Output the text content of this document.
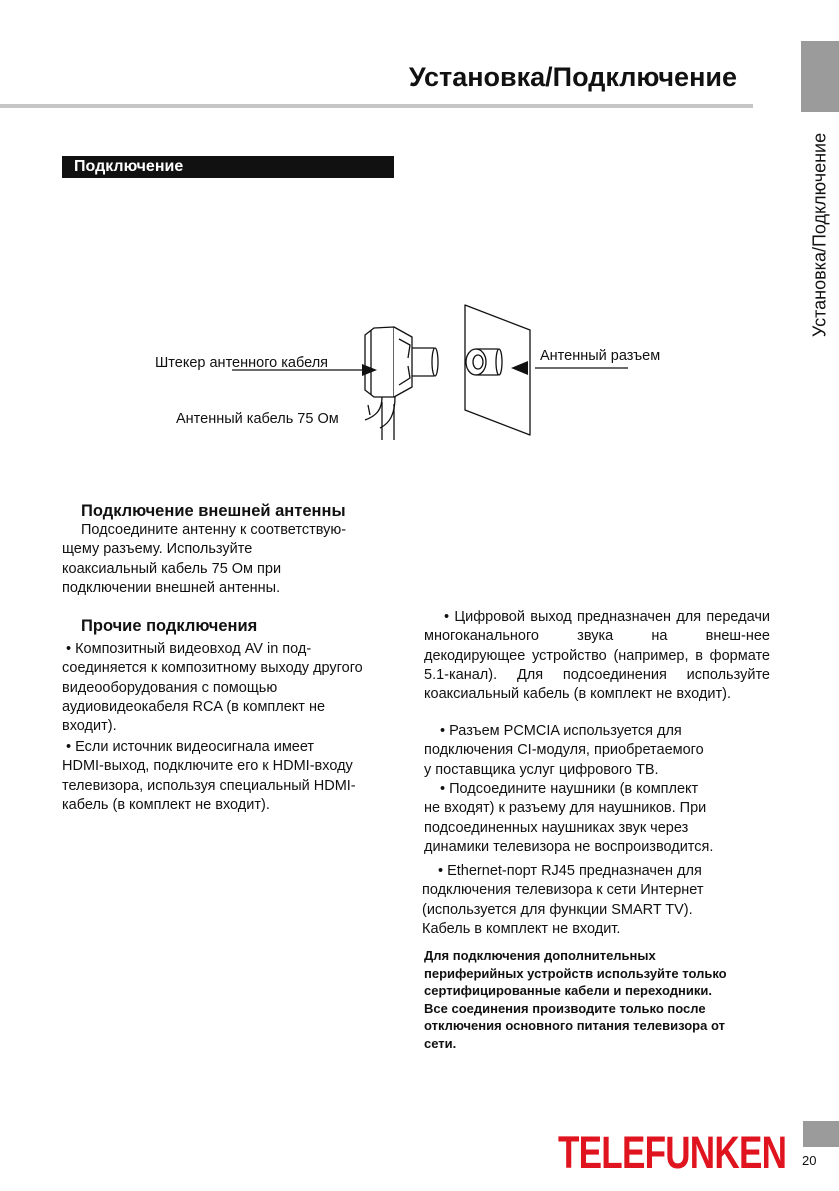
Установка/Подключение
Установка/Подключение
Подключение
Штекер антенного кабеля
Антенный кабель 75 Ом
Антенный разъем
Подключение внешней антенны

Подсоедините антенну к соответствую-

щему разъему. Используйте

коаксиальный кабель 75 Ом при

подключении внешней антенны.

Прочие подключения

• Композитный видеовход AV in под-

соединяется к композитному выходу другого

видеооборудования с помощью

аудиовидеокабеля RCA (в комплект не

входит).

• Если источник видеосигнала имеет

HDMI-выход, подключите его к HDMI-входу

телевизора, используя специальный HDMI-

кабель (в комплект не входит).

• Цифровой выход предназначен для передачи многоканального звука на внеш-нее декодирующее устройство (например, в формате 5.1-канал). Для подсоединения используйте коаксиальный кабель (в комплект не входит).

• Разъем PCMCIA используется для

подключения CI-модуля, приобретаемого

у поставщика услуг цифрового ТВ.

• Подсоедините наушники (в комплект

не входят) к разъему для наушников. При

подсоединенных наушниках звук через

динамики телевизора не воспроизводится.

• Ethernet-порт RJ45 предназначен для

подключения телевизора к сети Интернет

(используется для функции SMART TV).

Кабель в комплект не входит.

Для подключения дополнительных

периферийных устройств используйте только

сертифицированные кабели и переходники.

Все соединения производите только после

отключения основного питания телевизора от

сети.

TELEFUNKEN 20
